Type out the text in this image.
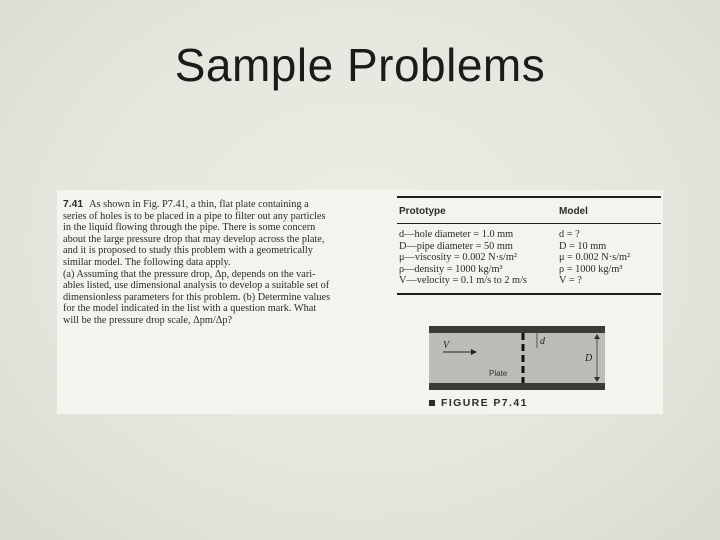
Sample Problems
7.41 As shown in Fig. P7.41, a thin, flat plate containing a
series of holes is to be placed in a pipe to filter out any particles
in the liquid flowing through the pipe. There is some concern
about the large pressure drop that may develop across the plate,
and it is proposed to study this problem with a geometrically
similar model. The following data apply.
(a) Assuming that the pressure drop, Δp, depends on the vari-
ables listed, use dimensional analysis to develop a suitable set of
dimensionless parameters for this problem. (b) Determine values
for the model indicated in the list with a question mark. What
will be the pressure drop scale, Δpm/Δp?
Prototype	Model
d—hole diameter = 1.0 mm	d = ?
D—pipe diameter = 50 mm	D = 10 mm
μ—viscosity = 0.002 N·s/m²	μ = 0.002 N·s/m²
ρ—density = 1000 kg/m³	ρ = 1000 kg/m³
V—velocity = 0.1 m/s to 2 m/s	V = ?
V	d
D
Plate
FIGURE P7.41
